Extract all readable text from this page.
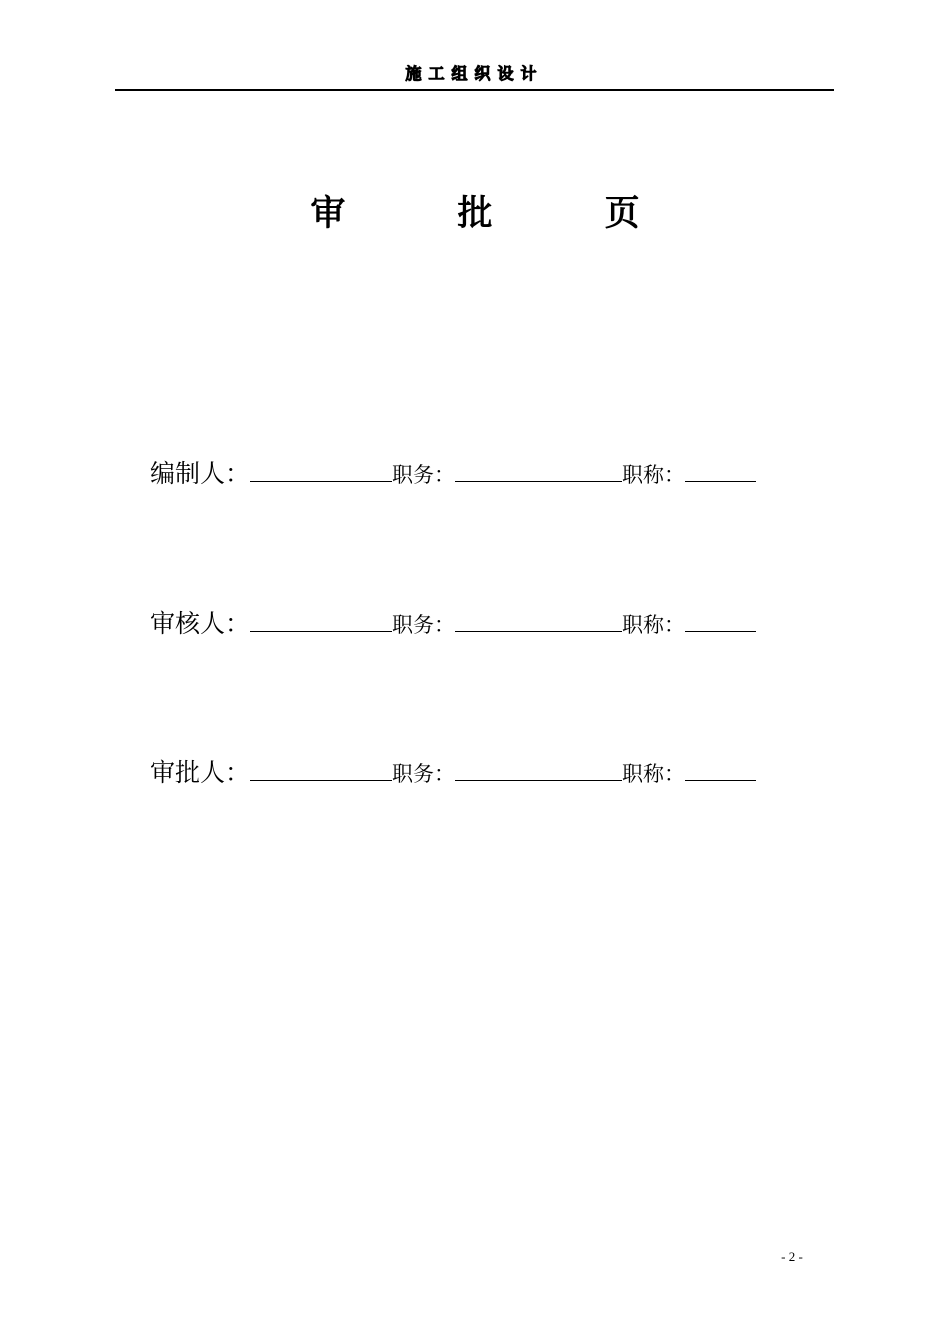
施工组织设计
审 批 页
编制人：	职务：	职称：
审核人：	职务：	职称：
审批人：	职务：	职称：
- 2 -
